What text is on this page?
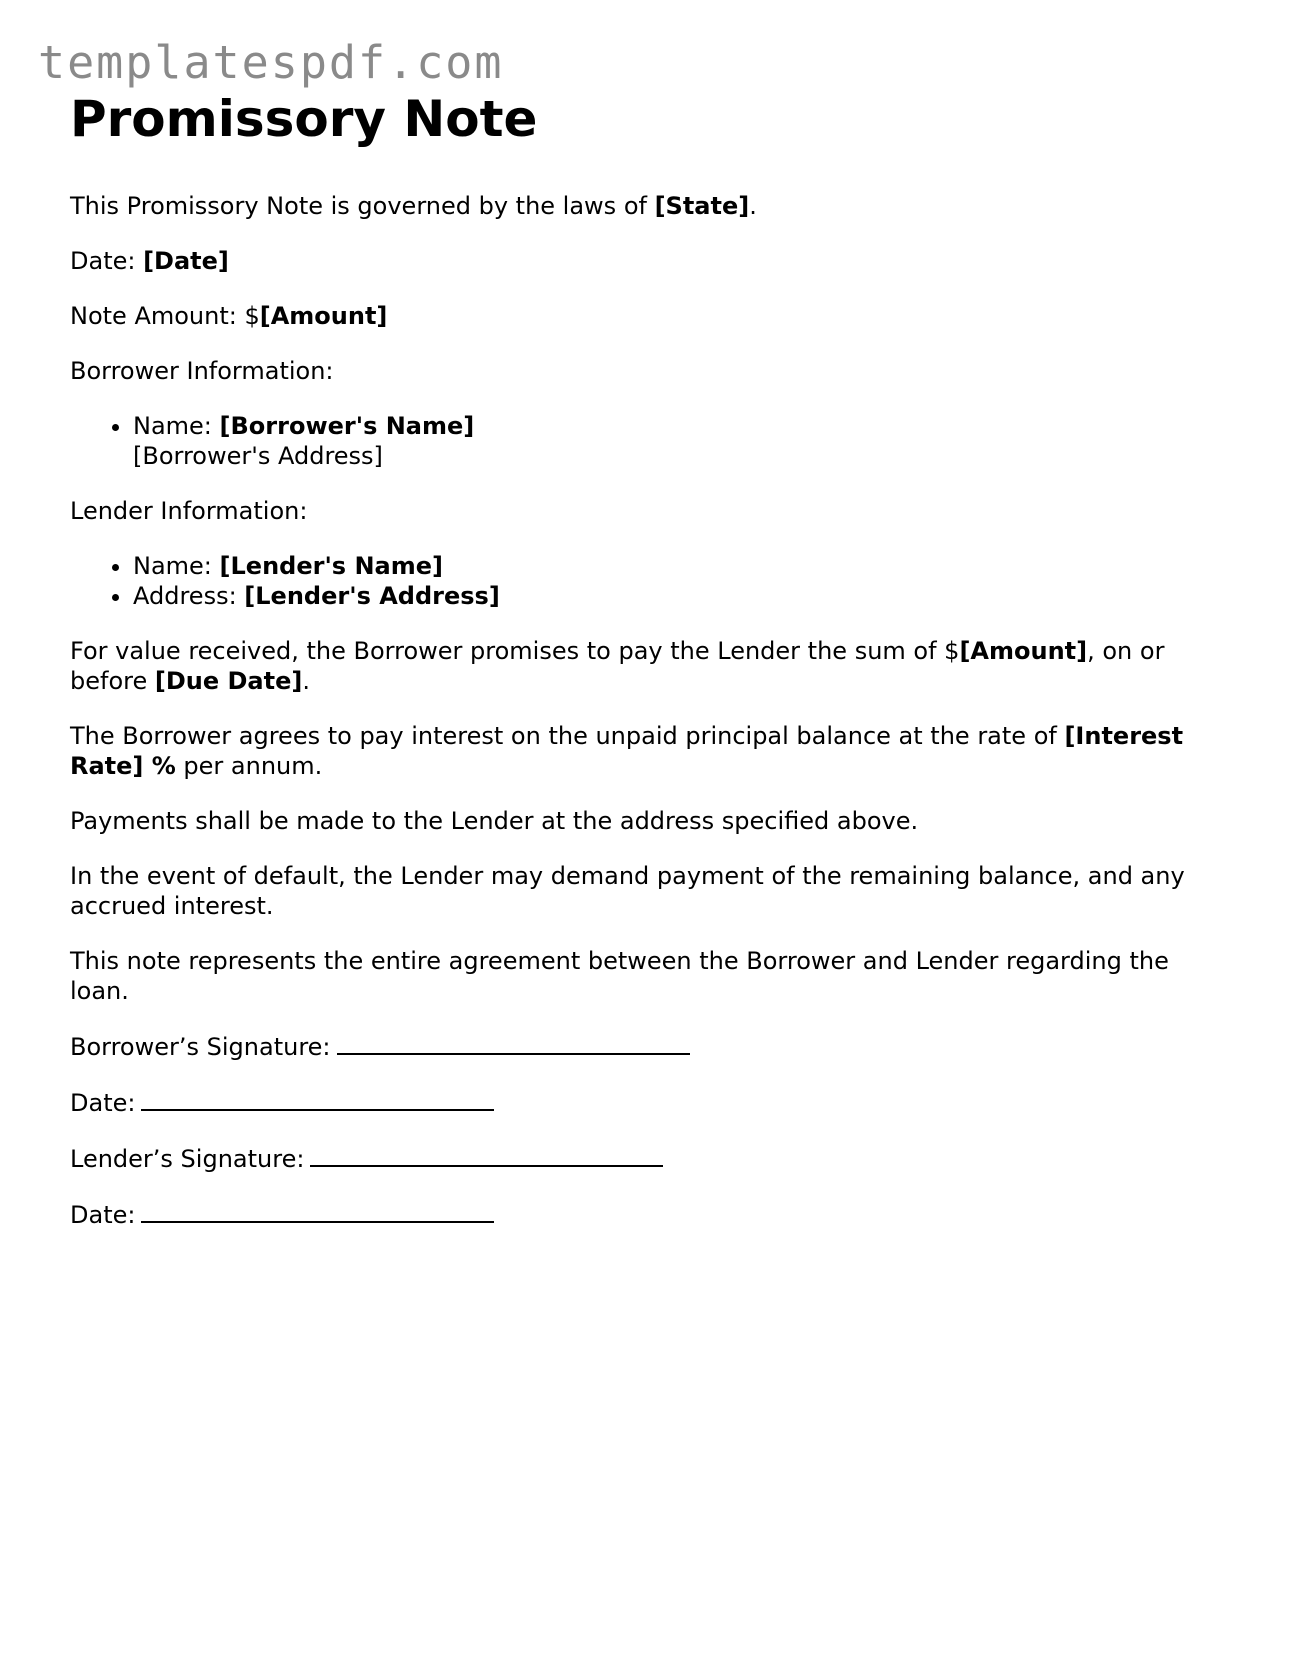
templatespdf.com
Promissory Note

This Promissory Note is governed by the laws of [State].

Date: [Date]

Note Amount: $[Amount]

Borrower Information:

• Name: [Borrower's Name]
[Borrower's Address]

Lender Information:

• Name: [Lender's Name]
• Address: [Lender's Address]

For value received, the Borrower promises to pay the Lender the sum of $[Amount], on or before [Due Date].

The Borrower agrees to pay interest on the unpaid principal balance at the rate of [Interest Rate] % per annum.

Payments shall be made to the Lender at the address specified above.

In the event of default, the Lender may demand payment of the remaining balance, and any accrued interest.

This note represents the entire agreement between the Borrower and Lender regarding the loan.

Borrower’s Signature:

Date:

Lender’s Signature:

Date:
